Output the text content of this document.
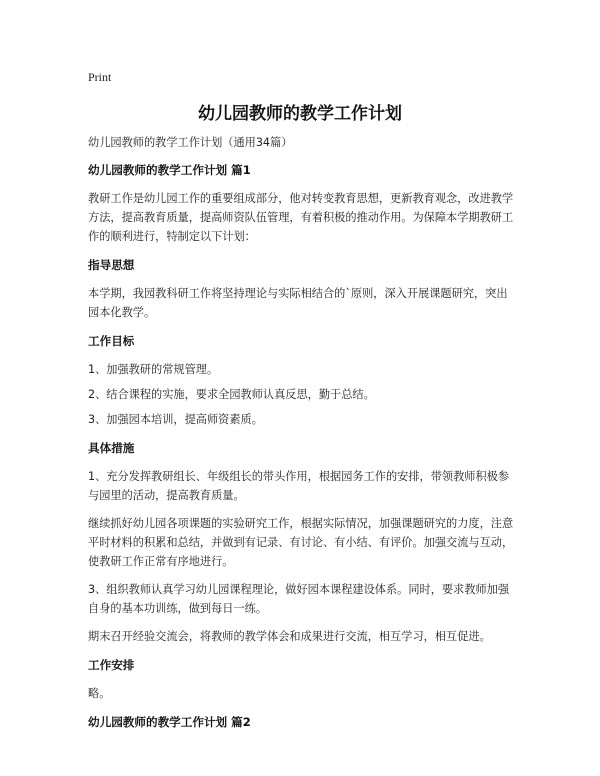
Print
幼儿园教师的教学工作计划

幼儿园教师的教学工作计划（通用34篇）

幼儿园教师的教学工作计划 篇1

教研工作是幼儿园工作的重要组成部分，他对转变教育思想，更新教育观念，改进教学方法，提高教育质量，提高师资队伍管理，有着积极的推动作用。为保障本学期教研工作的顺利进行，特制定以下计划：

指导思想

本学期，我园教科研工作将坚持理论与实际相结合的`原则，深入开展课题研究，突出园本化教学。

工作目标

1、加强教研的常规管理。

2、结合课程的实施，要求全园教师认真反思，勤于总结。

3、加强园本培训，提高师资素质。

具体措施

1、充分发挥教研组长、年级组长的带头作用，根据园务工作的安排，带领教师积极参与园里的活动，提高教育质量。

继续抓好幼儿园各项课题的实验研究工作，根据实际情况，加强课题研究的力度，注意平时材料的积累和总结，并做到有记录、有讨论、有小结、有评价。加强交流与互动，使教研工作正常有序地进行。

3、组织教师认真学习幼儿园课程理论，做好园本课程建设体系。同时，要求教师加强自身的基本功训练，做到每日一练。

期末召开经验交流会，将教师的教学体会和成果进行交流，相互学习，相互促进。

工作安排

略。

幼儿园教师的教学工作计划 篇2
